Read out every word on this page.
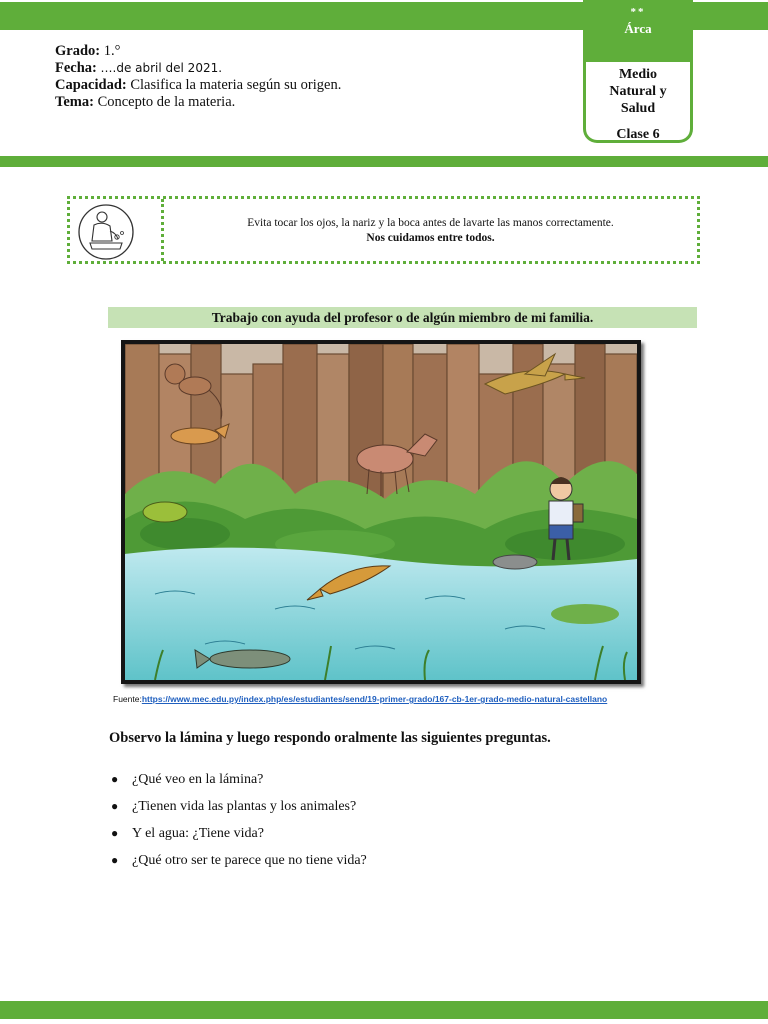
Grado: 1.°
Fecha: ….de abril del 2021.
Capacidad: Clasifica la materia según su origen.
Tema: Concepto de la materia.
**
Árca
Medio
Natural y
Salud
Clase 6
Evita tocar los ojos, la nariz y la boca antes de lavarte las manos correctamente.
Nos cuidamos entre todos.
Trabajo con ayuda del profesor o de algún miembro de mi familia.
Fuente:https://www.mec.edu.py/index.php/es/estudiantes/send/19-primer-grado/167-cb-1er-grado-medio-natural-castellano
Observo la lámina y luego respondo oralmente las siguientes preguntas.
● ¿Qué veo en la lámina?
● ¿Tienen vida las plantas y los animales?
● Y el agua: ¿Tiene vida?
● ¿Qué otro ser te parece que no tiene vida?
